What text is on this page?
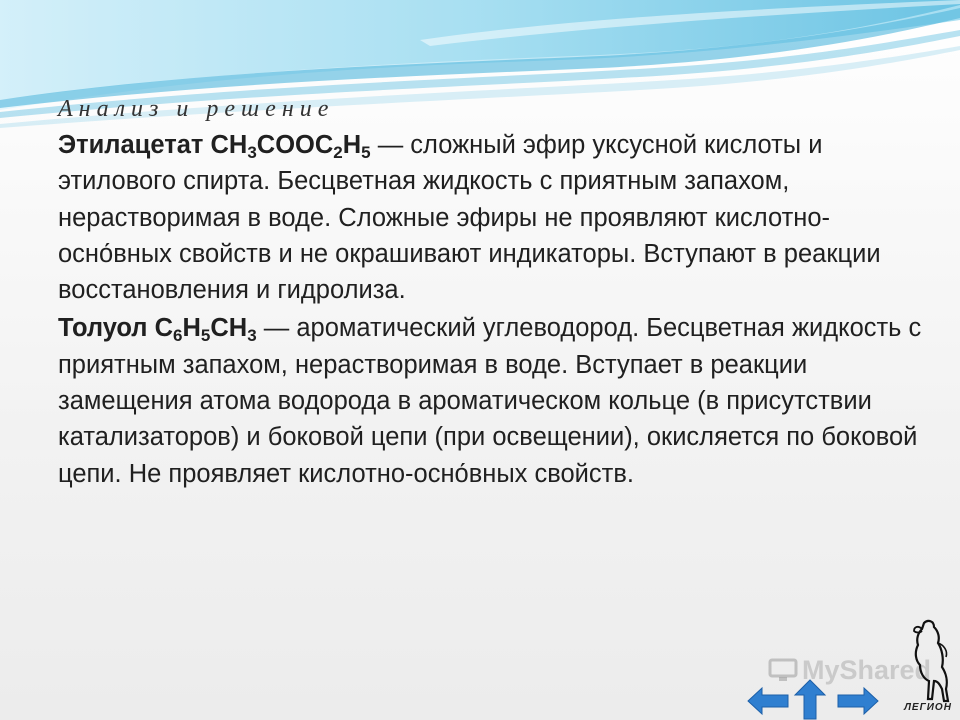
Анализ и решение

Этилацетат $CH_3COOC_2H_5$ — сложный эфир уксусной кислоты и этилового спирта. Бесцветная жидкость с приятным запахом, нерастворимая в воде. Сложные эфиры не проявляют кислотно-осно́вных свойств и не окрашивают индикаторы. Вступают в реакции восстановления и гидролиза.

Толуол $C_6H_5CH_3$ — ароматический углеводород. Бесцветная жидкость с приятным запахом, нерастворимая в воде. Вступает в реакции замещения атома водорода в ароматическом кольце (в присутствии катализаторов) и боковой цепи (при освещении), окисляется по боковой цепи. Не проявляет кислотно-осно́вных свойств.

MyShared
ЛЕГИОН
